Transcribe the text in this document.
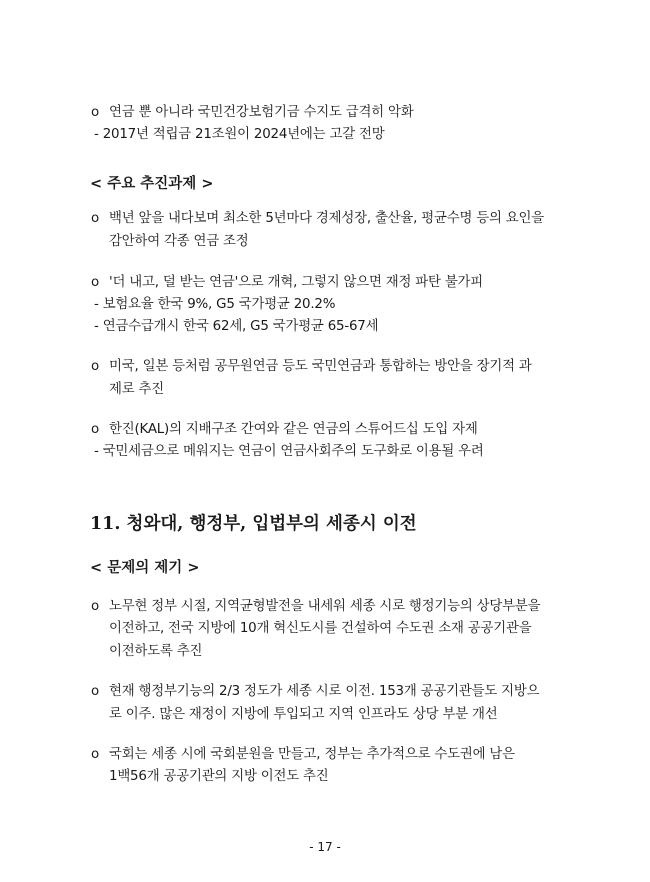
o 연금 뿐 아니라 국민건강보험기금 수지도 급격히 악화
- 2017년 적립금 21조원이 2024년에는 고갈 전망
< 주요 추진과제 >
o 백년 앞을 내다보며 최소한 5년마다 경제성장, 출산율, 평균수명 등의 요인을
감안하여 각종 연금 조정
o '더 내고, 덜 받는 연금'으로 개혁, 그렇지 않으면 재정 파탄 불가피
- 보험요율 한국 9%, G5 국가평균 20.2%
- 연금수급개시 한국 62세, G5 국가평균 65-67세
o 미국, 일본 등처럼 공무원연금 등도 국민연금과 통합하는 방안을 장기적 과
제로 추진
o 한진(KAL)의 지배구조 간여와 같은 연금의 스튜어드십 도입 자제
- 국민세금으로 메워지는 연금이 연금사회주의 도구화로 이용될 우려
11. 청와대, 행정부, 입법부의 세종시 이전
< 문제의 제기 >
o 노무현 정부 시절, 지역균형발전을 내세워 세종 시로 행정기능의 상당부분을
이전하고, 전국 지방에 10개 혁신도시를 건설하여 수도권 소재 공공기관을
이전하도록 추진
o 현재 행정부기능의 2/3 정도가 세종 시로 이전. 153개 공공기관들도 지방으
로 이주. 많은 재정이 지방에 투입되고 지역 인프라도 상당 부분 개선
o 국회는 세종 시에 국회분원을 만들고, 정부는 추가적으로 수도권에 남은
1백56개 공공기관의 지방 이전도 추진
- 17 -
